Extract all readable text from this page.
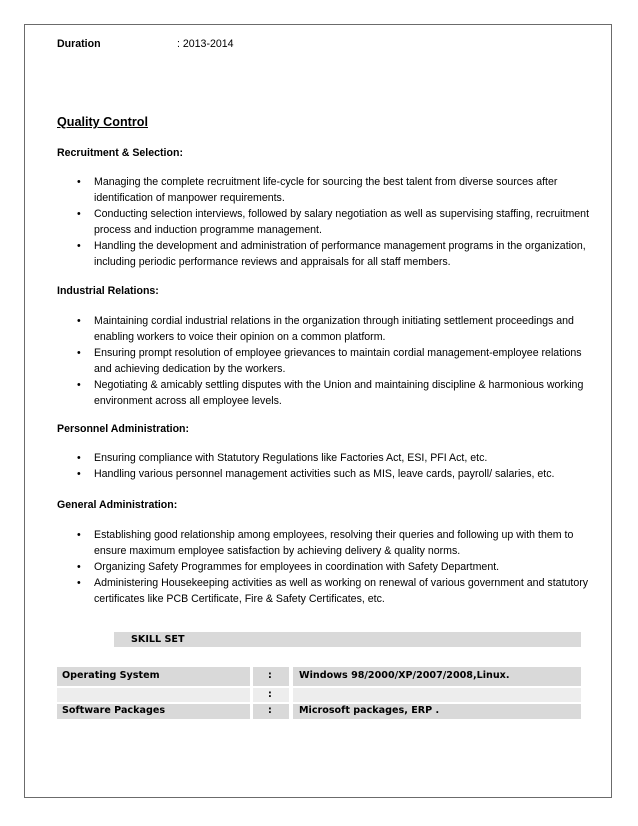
Duration	: 2013-2014
Quality Control
Recruitment & Selection:
• Managing the complete recruitment life-cycle for sourcing the best talent from diverse sources after identification of manpower requirements.
• Conducting selection interviews, followed by salary negotiation as well as supervising staffing, recruitment process and induction programme management.
• Handling the development and administration of performance management programs in the organization, including periodic performance reviews and appraisals for all staff members.
Industrial Relations:
• Maintaining cordial industrial relations in the organization through initiating settlement proceedings and enabling workers to voice their opinion on a common platform.
• Ensuring prompt resolution of employee grievances to maintain cordial management-employee relations and achieving dedication by the workers.
• Negotiating & amicably settling disputes with the Union and maintaining discipline & harmonious working environment across all employee levels.
Personnel Administration:
• Ensuring compliance with Statutory Regulations like Factories Act, ESI, PFI Act, etc.
• Handling various personnel management activities such as MIS, leave cards, payroll/ salaries, etc.
General Administration:
• Establishing good relationship among employees, resolving their queries and following up with them to ensure maximum employee satisfaction by achieving delivery & quality norms.
• Organizing Safety Programmes for employees in coordination with Safety Department.
• Administering Housekeeping activities as well as working on renewal of various government and statutory certificates like PCB Certificate, Fire & Safety Certificates, etc.
SKILL SET
Operating System	:	Windows 98/2000/XP/2007/2008,Linux.
:
Software Packages	:	Microsoft packages, ERP .
